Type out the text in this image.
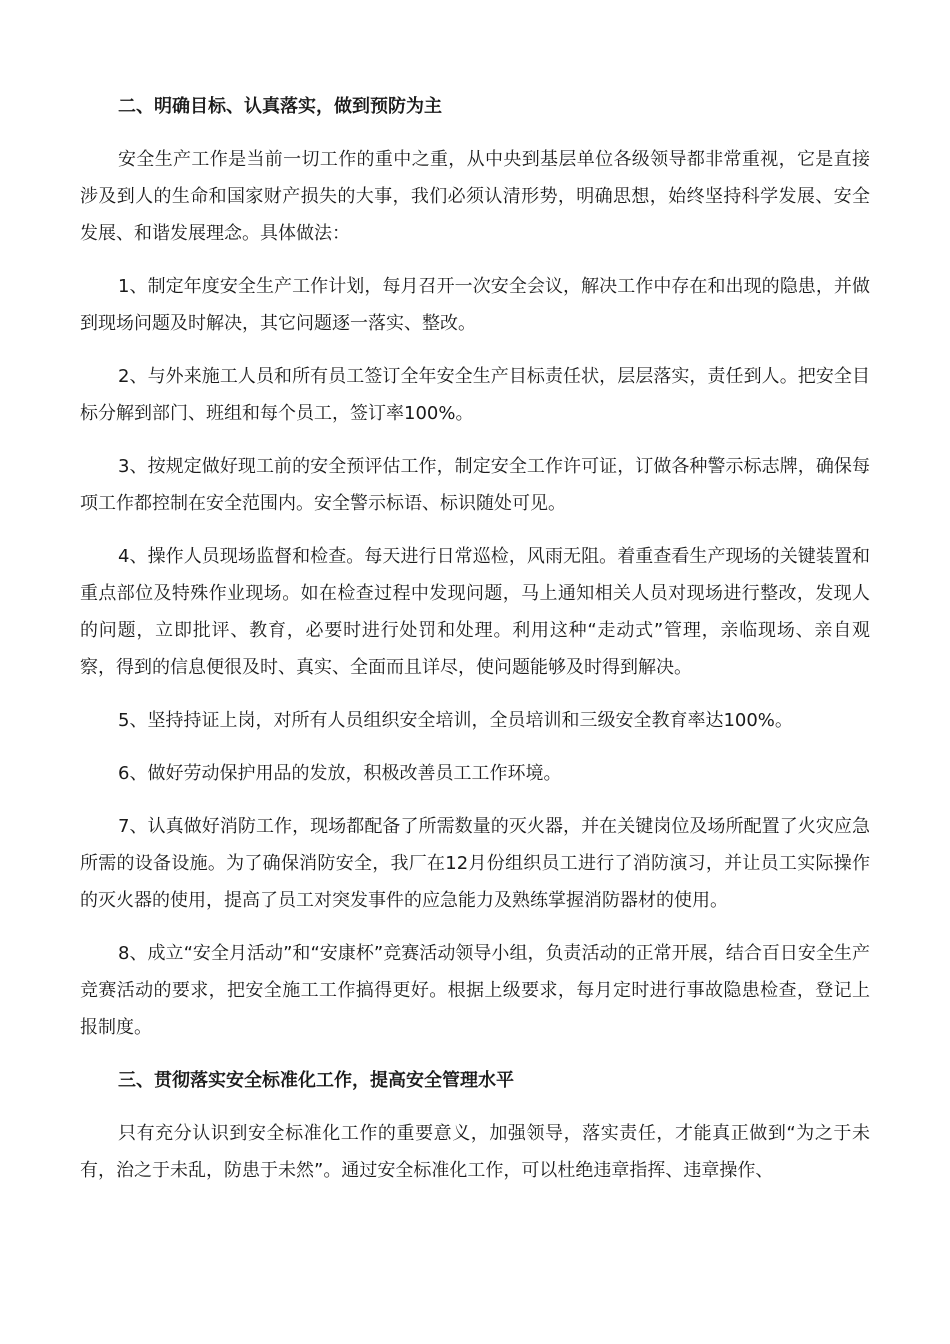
二、明确目标、认真落实，做到预防为主

安全生产工作是当前一切工作的重中之重，从中央到基层单位各级领导都非常重视，它是直接涉及到人的生命和国家财产损失的大事，我们必须认清形势，明确思想，始终坚持科学发展、安全发展、和谐发展理念。具体做法：

1、制定年度安全生产工作计划，每月召开一次安全会议，解决工作中存在和出现的隐患，并做到现场问题及时解决，其它问题逐一落实、整改。

2、与外来施工人员和所有员工签订全年安全生产目标责任状，层层落实，责任到人。把安全目标分解到部门、班组和每个员工，签订率100%。

3、按规定做好现工前的安全预评估工作，制定安全工作许可证，订做各种警示标志牌，确保每项工作都控制在安全范围内。安全警示标语、标识随处可见。

4、操作人员现场监督和检查。每天进行日常巡检，风雨无阻。着重查看生产现场的关键装置和重点部位及特殊作业现场。如在检查过程中发现问题，马上通知相关人员对现场进行整改，发现人的问题，立即批评、教育，必要时进行处罚和处理。利用这种“走动式”管理，亲临现场、亲自观察，得到的信息便很及时、真实、全面而且详尽，使问题能够及时得到解决。

5、坚持持证上岗，对所有人员组织安全培训，全员培训和三级安全教育率达100%。

6、做好劳动保护用品的发放，积极改善员工工作环境。

7、认真做好消防工作，现场都配备了所需数量的灭火器，并在关键岗位及场所配置了火灾应急所需的设备设施。为了确保消防安全，我厂在12月份组织员工进行了消防演习，并让员工实际操作的灭火器的使用，提高了员工对突发事件的应急能力及熟练掌握消防器材的使用。

8、成立“安全月活动”和“安康杯”竞赛活动领导小组，负责活动的正常开展，结合百日安全生产竞赛活动的要求，把安全施工工作搞得更好。根据上级要求，每月定时进行事故隐患检查，登记上报制度。

三、贯彻落实安全标准化工作，提高安全管理水平

只有充分认识到安全标准化工作的重要意义，加强领导，落实责任，才能真正做到“为之于未有，治之于未乱，防患于未然”。通过安全标准化工作，可以杜绝违章指挥、违章操作、
